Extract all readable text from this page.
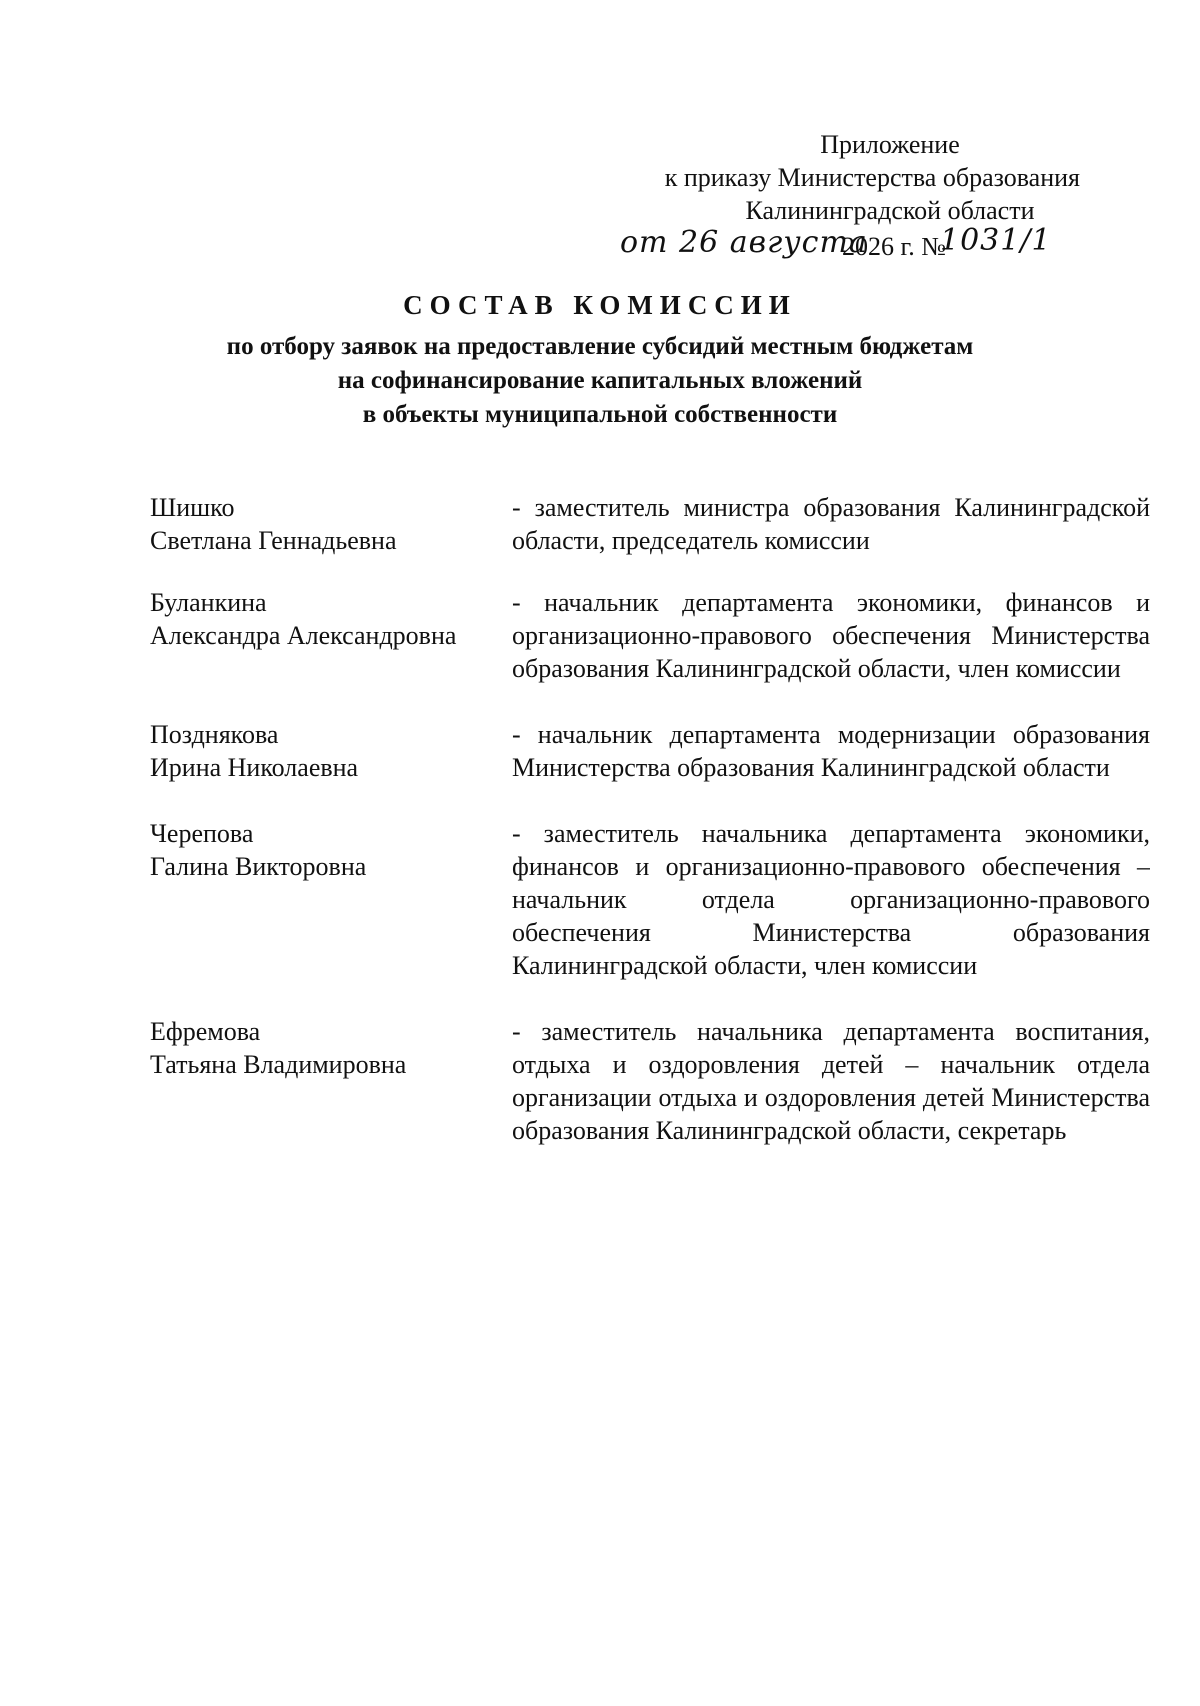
Приложение
к приказу Министерства образования
Калининградской области
от 26 августа
2026 г. №
1031/1
СОСТАВ КОМИССИИ
по отбору заявок на предоставление субсидий местным бюджетам
на софинансирование капитальных вложений
в объекты муниципальной собственности
Шишко
Светлана Геннадьевна
- заместитель министра образования Калининградской области, председатель комиссии
Буланкина
Александра Александровна
- начальник департамента экономики, финансов и организационно-правового обеспечения Министерства образования Калининградской области, член комиссии
Позднякова
Ирина Николаевна
- начальник департамента модернизации образования Министерства образования Калининградской области
Черепова
Галина Викторовна
- заместитель начальника департамента экономики, финансов и организационно-правового обеспечения – начальник отдела организационно-правового обеспечения Министерства образования Калининградской области, член комиссии
Ефремова
Татьяна Владимировна
- заместитель начальника департамента воспитания, отдыха и оздоровления детей – начальник отдела организации отдыха и оздоровления детей Министерства образования Калининградской области, секретарь
